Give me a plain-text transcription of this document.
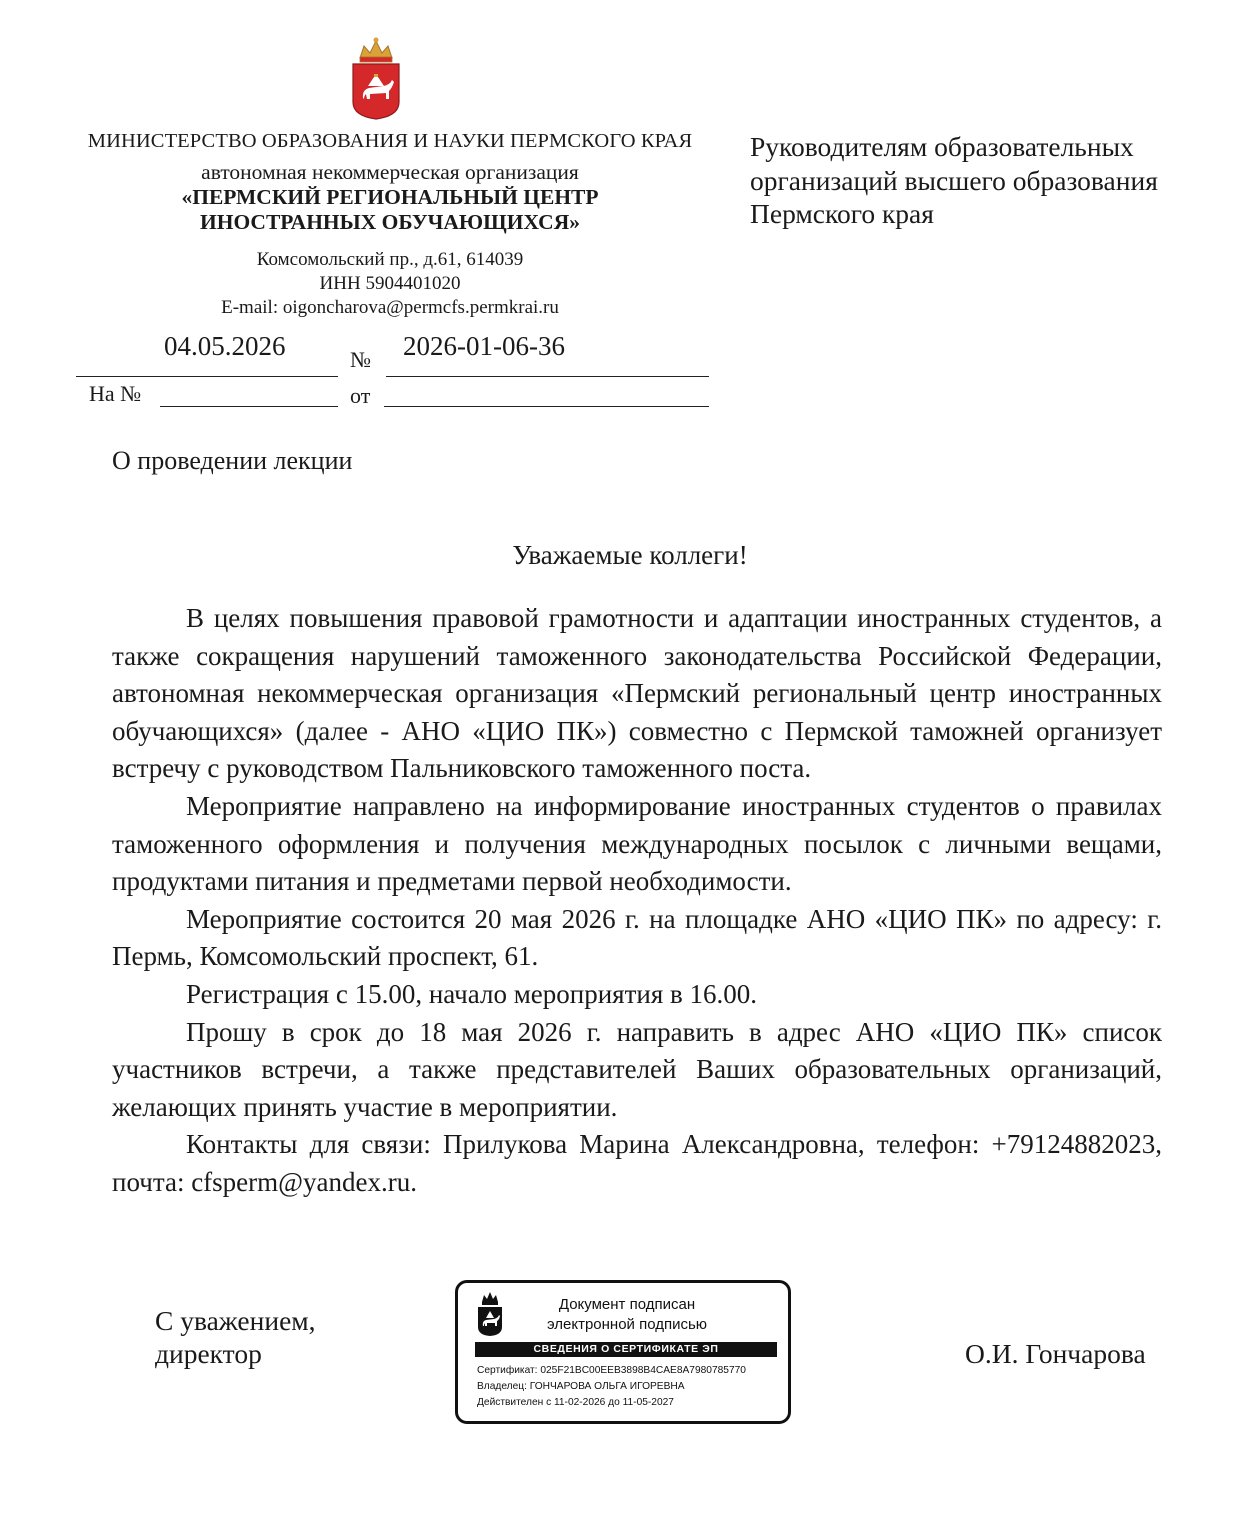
МИНИСТЕРСТВО ОБРАЗОВАНИЯ И НАУКИ ПЕРМСКОГО КРАЯ
автономная некоммерческая организация
«ПЕРМСКИЙ РЕГИОНАЛЬНЫЙ ЦЕНТР
ИНОСТРАННЫХ ОБУЧАЮЩИХСЯ»
Комсомольский пр., д.61, 614039
ИНН 5904401020
E-mail: oigoncharova@permcfs.permkrai.ru
04.05.2026	№ 2026-01-06-36
На №	от
Руководителям образовательных
организаций высшего образования
Пермского края
О проведении лекции
Уважаемые коллеги!

В целях повышения правовой грамотности и адаптации иностранных студентов, а также сокращения нарушений таможенного законодательства Российской Федерации, автономная некоммерческая организация «Пермский региональный центр иностранных обучающихся» (далее - АНО «ЦИО ПК») совместно с Пермской таможней организует встречу с руководством Пальниковского таможенного поста.

Мероприятие направлено на информирование иностранных студентов о правилах таможенного оформления и получения международных посылок с личными вещами, продуктами питания и предметами первой необходимости.

Мероприятие состоится 20 мая 2026 г. на площадке АНО «ЦИО ПК» по адресу: г. Пермь, Комсомольский проспект, 61.

Регистрация с 15.00, начало мероприятия в 16.00.

Прошу в срок до 18 мая 2026 г. направить в адрес АНО «ЦИО ПК» список участников встречи, а также представителей Ваших образовательных организаций, желающих принять участие в мероприятии.

Контакты для связи: Прилукова Марина Александровна, телефон: +79124882023, почта: cfsperm@yandex.ru.

С уважением,
директор	О.И. Гончарова
Документ подписан
электронной подписью
СВЕДЕНИЯ О СЕРТИФИКАТЕ ЭП
Сертификат: 025F21BC00EEB3898B4CAE8A7980785770
Владелец: ГОНЧАРОВА ОЛЬГА ИГОРЕВНА
Действителен с 11-02-2026 до 11-05-2027
